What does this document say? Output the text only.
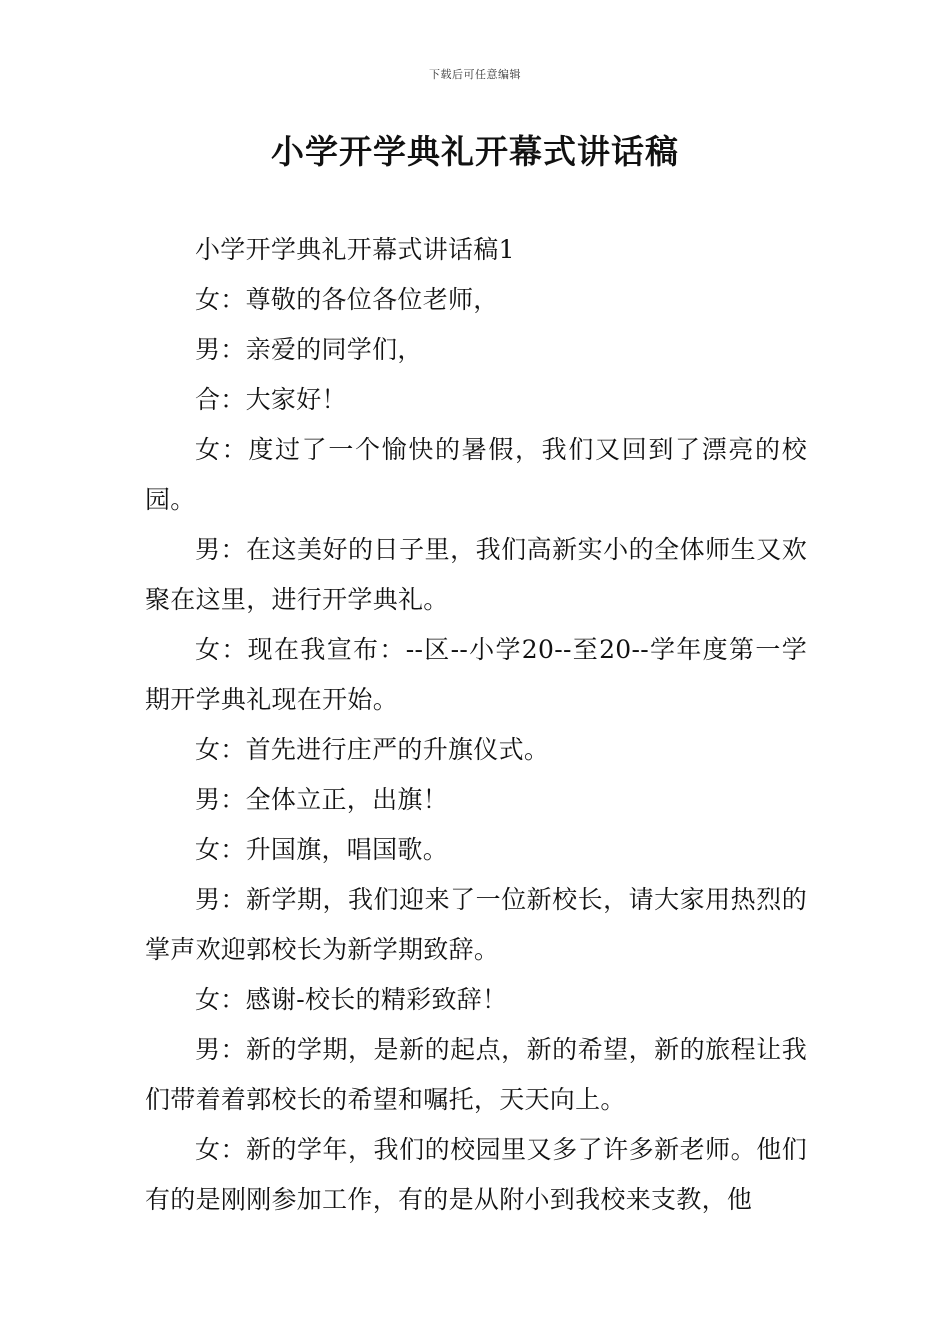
下载后可任意编辑
小学开学典礼开幕式讲话稿

小学开学典礼开幕式讲话稿1

女：尊敬的各位各位老师，

男：亲爱的同学们，

合：大家好！

女：度过了一个愉快的暑假，我们又回到了漂亮的校园。

男：在这美好的日子里，我们高新实小的全体师生又欢聚在这里，进行开学典礼。

女：现在我宣布：--区--小学20--至20--学年度第一学期开学典礼现在开始。

女：首先进行庄严的升旗仪式。

男：全体立正，出旗！

女：升国旗，唱国歌。

男：新学期，我们迎来了一位新校长，请大家用热烈的掌声欢迎郭校长为新学期致辞。

女：感谢-校长的精彩致辞！

男：新的学期，是新的起点，新的希望，新的旅程让我们带着着郭校长的希望和嘱托，天天向上。

女：新的学年，我们的校园里又多了许多新老师。他们有的是刚刚参加工作，有的是从附小到我校来支教，他
